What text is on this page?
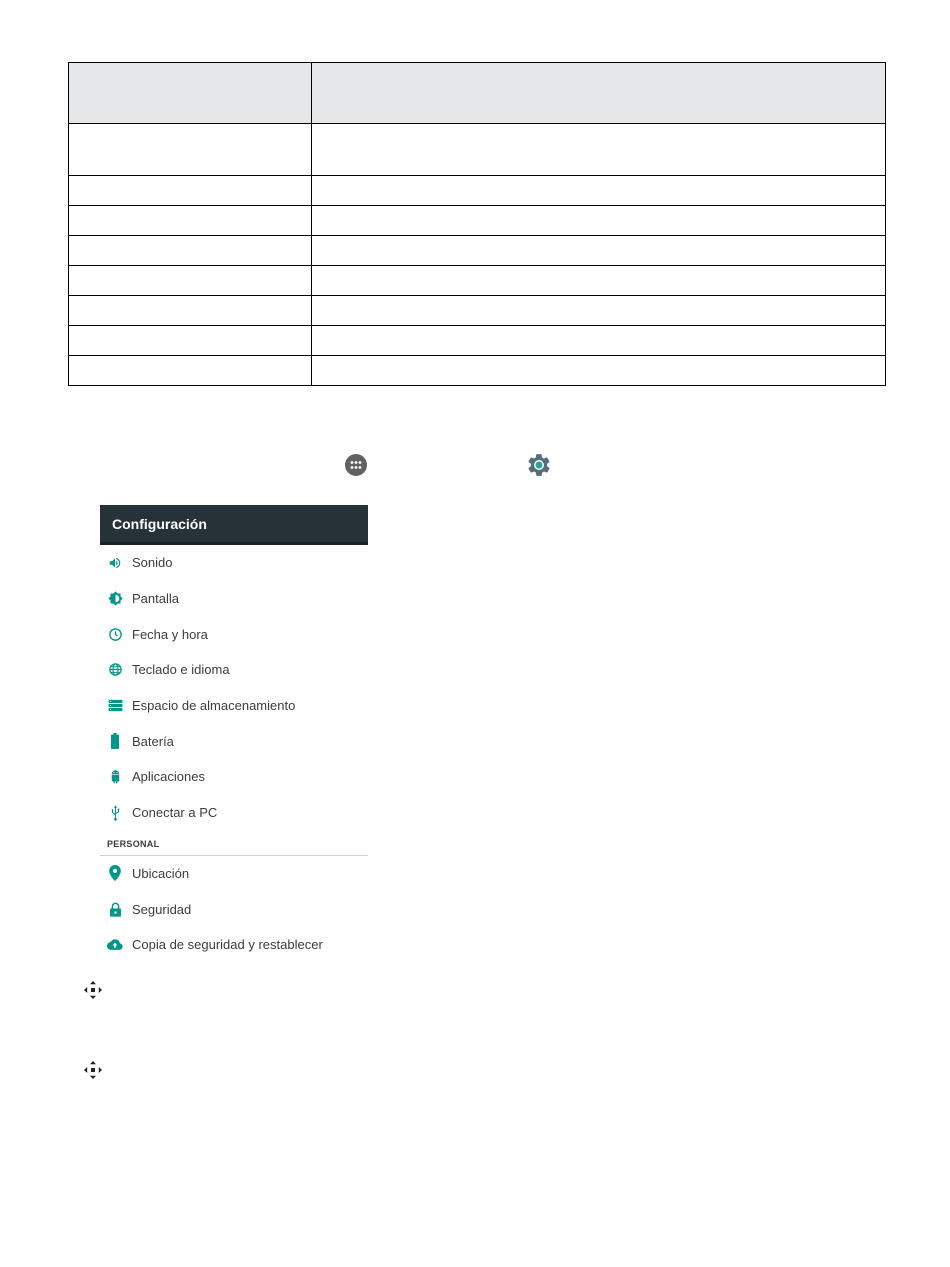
Configuración
Sonido
Pantalla
Fecha y hora
Teclado e idioma
Espacio de almacenamiento
Batería
Aplicaciones
Conectar a PC
PERSONAL
Ubicación
Seguridad
Copia de seguridad y restablecer
